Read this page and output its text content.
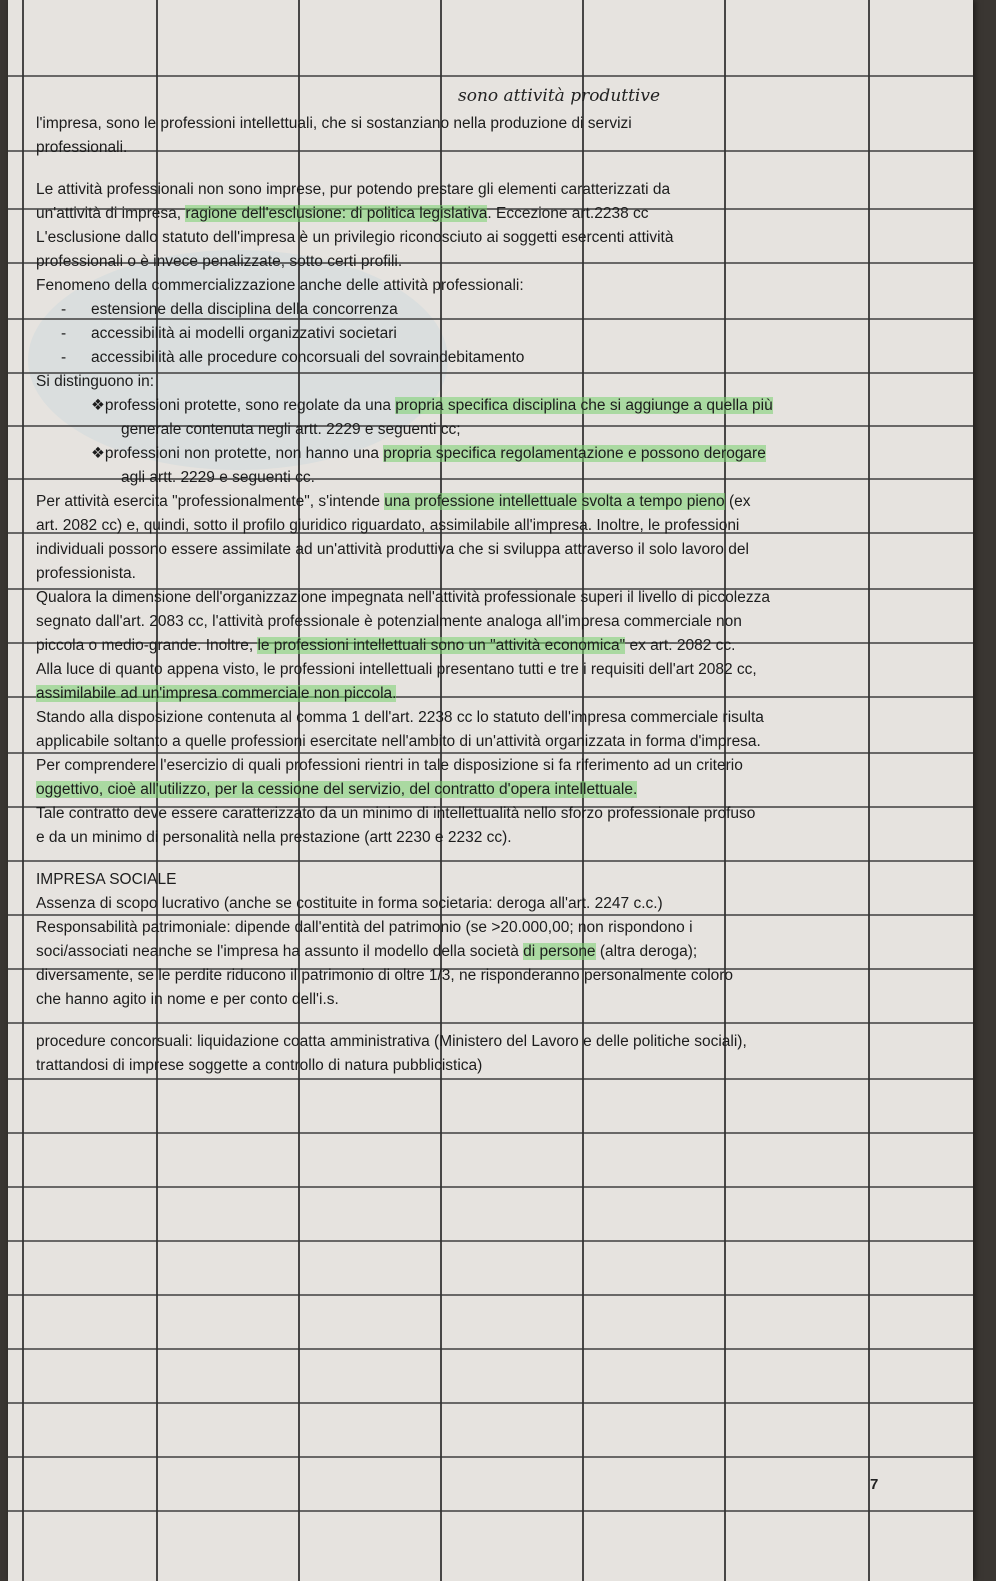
sono attività produttive

l'impresa, sono le professioni intellettuali, che si sostanziano nella produzione di servizi

professionali.

Le attività professionali non sono imprese, pur potendo prestare gli elementi caratterizzati da

un'attività di impresa, ragione dell'esclusione: di politica legislativa. Eccezione art.2238 cc

L'esclusione dallo statuto dell'impresa è un privilegio riconosciuto ai soggetti esercenti attività

professionali o è invece penalizzate, sotto certi profili.

Fenomeno della commercializzazione anche delle attività professionali:

- estensione della disciplina della concorrenza

- accessibilità ai modelli organizzativi societari

- accessibilità alle procedure concorsuali del sovraindebitamento

Si distinguono in:

❖professioni protette, sono regolate da una propria specifica disciplina che si aggiunge a quella più

generale contenuta negli artt. 2229 e seguenti cc;

❖professioni non protette, non hanno una propria specifica regolamentazione e possono derogare

agli artt. 2229 e seguenti cc.

Per attività esercita "professionalmente", s'intende una professione intellettuale svolta a tempo pieno (ex

art. 2082 cc) e, quindi, sotto il profilo giuridico riguardato, assimilabile all'impresa. Inoltre, le professioni

individuali possono essere assimilate ad un'attività produttiva che si sviluppa attraverso il solo lavoro del

professionista.

Qualora la dimensione dell'organizzazione impegnata nell'attività professionale superi il livello di piccolezza

segnato dall'art. 2083 cc, l'attività professionale è potenzialmente analoga all'impresa commerciale non

piccola o medio-grande. Inoltre, le professioni intellettuali sono un "attività economica" ex art. 2082 cc.

Alla luce di quanto appena visto, le professioni intellettuali presentano tutti e tre i requisiti dell'art 2082 cc,

assimilabile ad un'impresa commerciale non piccola.

Stando alla disposizione contenuta al comma 1 dell'art. 2238 cc lo statuto dell'impresa commerciale risulta

applicabile soltanto a quelle professioni esercitate nell'ambito di un'attività organizzata in forma d'impresa.

Per comprendere l'esercizio di quali professioni rientri in tale disposizione si fa riferimento ad un criterio

oggettivo, cioè all'utilizzo, per la cessione del servizio, del contratto d'opera intellettuale.

Tale contratto deve essere caratterizzato da un minimo di intellettualità nello sforzo professionale profuso

e da un minimo di personalità nella prestazione (artt 2230 e 2232 cc).

IMPRESA SOCIALE

Assenza di scopo lucrativo (anche se costituite in forma societaria: deroga all'art. 2247 c.c.)

Responsabilità patrimoniale: dipende dall'entità del patrimonio (se >20.000,00; non rispondono i

soci/associati neanche se l'impresa ha assunto il modello della società di persone (altra deroga);

diversamente, se le perdite riducono il patrimonio di oltre 1/3, ne risponderanno personalmente coloro

che hanno agito in nome e per conto dell'i.s.

procedure concorsuali: liquidazione coatta amministrativa (Ministero del Lavoro e delle politiche sociali),

trattandosi di imprese soggette a controllo di natura pubblicistica)

7
